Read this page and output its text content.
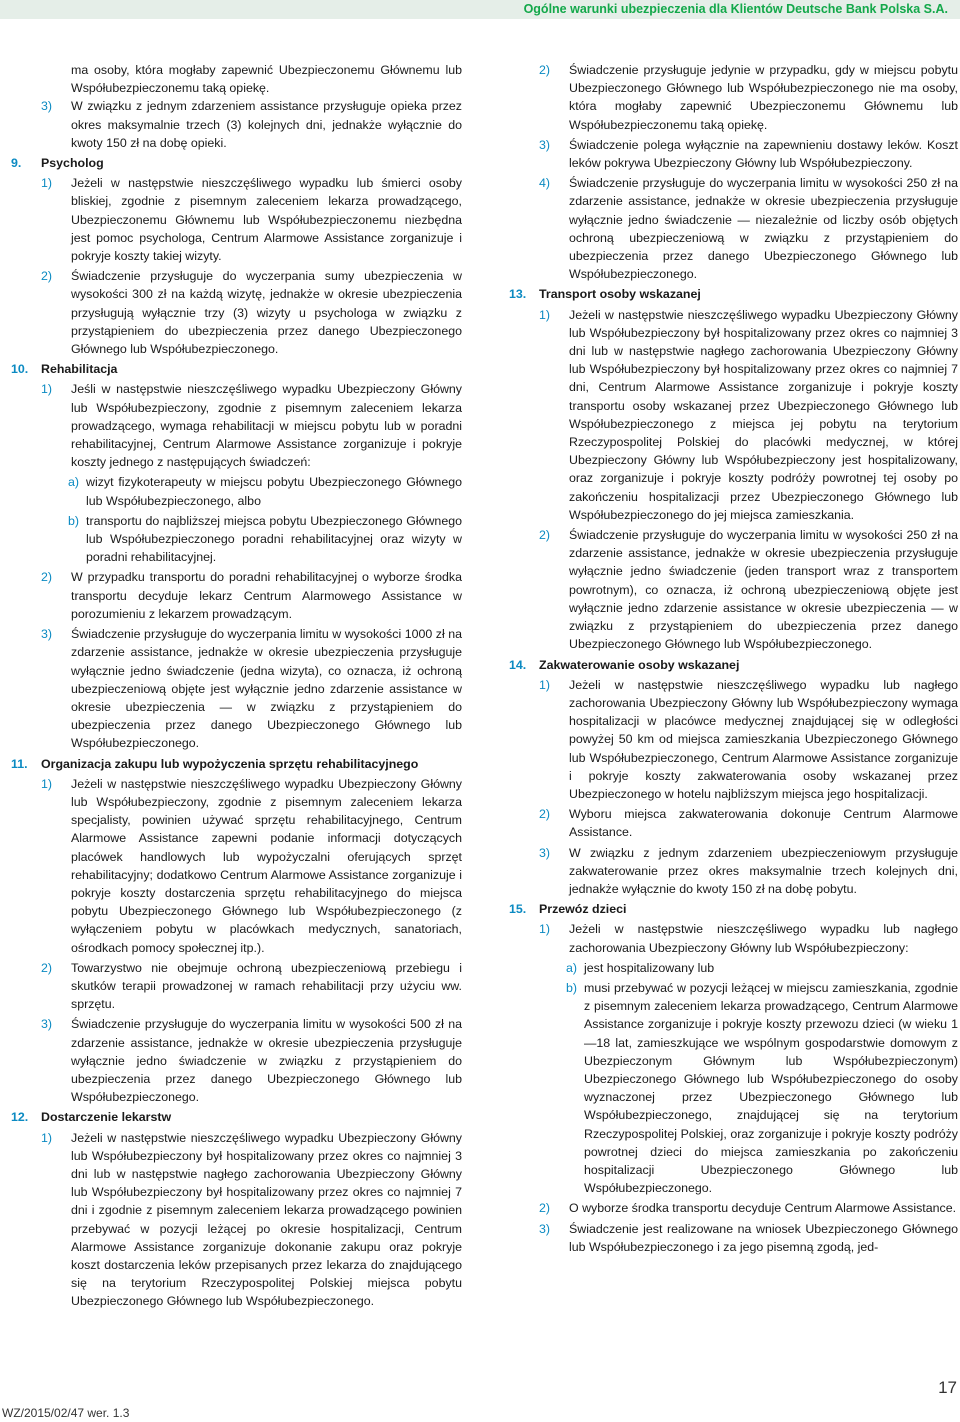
Ogólne warunki ubezpieczenia dla Klientów Deutsche Bank Polska S.A.

ma osoby, która mogłaby zapewnić Ubezpieczonemu Głównemu lub Współubezpieczonemu taką opiekę.

3) W związku z jednym zdarzeniem assistance przysługuje opieka przez okres maksymalnie trzech (3) kolejnych dni, jednakże wyłącznie do kwoty 150 zł na dobę opieki.
9. Psycholog
1) Jeżeli w następstwie nieszczęśliwego wypadku lub śmierci osoby bliskiej, zgodnie z pisemnym zaleceniem lekarza prowadzącego, Ubezpieczonemu Głównemu lub Współubezpieczonemu niezbędna jest pomoc psychologa, Centrum Alarmowe Assistance zorganizuje i pokryje koszty takiej wizyty.
2) Świadczenie przysługuje do wyczerpania sumy ubezpieczenia w wysokości 300 zł na każdą wizytę, jednakże w okresie ubezpieczenia przysługują wyłącznie trzy (3) wizyty u psychologa w związku z przystąpieniem do ubezpieczenia przez danego Ubezpieczonego Głównego lub Współubezpieczonego.
10. Rehabilitacja
1) Jeśli w następstwie nieszczęśliwego wypadku Ubezpieczony Główny lub Współubezpieczony, zgodnie z pisemnym zaleceniem lekarza prowadzącego, wymaga rehabilitacji w miejscu pobytu lub w poradni rehabilitacyjnej, Centrum Alarmowe Assistance zorganizuje i pokryje koszty jednego z następujących świadczeń:
a) wizyt fizykoterapeuty w miejscu pobytu Ubezpieczonego Głównego lub Współubezpieczonego, albo
b) transportu do najbliższej miejsca pobytu Ubezpieczonego Głównego lub Współubezpieczonego poradni rehabilitacyjnej oraz wizyty w poradni rehabilitacyjnej.
2) W przypadku transportu do poradni rehabilitacyjnej o wyborze środka transportu decyduje lekarz Centrum Alarmowego Assistance w porozumieniu z lekarzem prowadzącym.
3) Świadczenie przysługuje do wyczerpania limitu w wysokości 1000 zł na zdarzenie assistance, jednakże w okresie ubezpieczenia przysługuje wyłącznie jedno świadczenie (jedna wizyta), co oznacza, iż ochroną ubezpieczeniową objęte jest wyłącznie jedno zdarzenie assistance w okresie ubezpieczenia — w związku z przystąpieniem do ubezpieczenia przez danego Ubezpieczonego Głównego lub Współubezpieczonego.
11. Organizacja zakupu lub wypożyczenia sprzętu rehabilitacyjnego
1) Jeżeli w następstwie nieszczęśliwego wypadku Ubezpieczony Główny lub Współubezpieczony, zgodnie z pisemnym zaleceniem lekarza specjalisty, powinien używać sprzętu rehabilitacyjnego, Centrum Alarmowe Assistance zapewni podanie informacji dotyczących placówek handlowych lub wypożyczalni oferujących sprzęt rehabilitacyjny; dodatkowo Centrum Alarmowe Assistance zorganizuje i pokryje koszty dostarczenia sprzętu rehabilitacyjnego do miejsca pobytu Ubezpieczonego Głównego lub Współubezpieczonego (z wyłączeniem pobytu w placówkach medycznych, sanatoriach, ośrodkach pomocy społecznej itp.).
2) Towarzystwo nie obejmuje ochroną ubezpieczeniową przebiegu i skutków terapii prowadzonej w ramach rehabilitacji przy użyciu ww. sprzętu.
3) Świadczenie przysługuje do wyczerpania limitu w wysokości 500 zł na zdarzenie assistance, jednakże w okresie ubezpieczenia przysługuje wyłącznie jedno świadczenie w związku z przystąpieniem do ubezpieczenia przez danego Ubezpieczonego Głównego lub Współubezpieczonego.
12. Dostarczenie lekarstw
1) Jeżeli w następstwie nieszczęśliwego wypadku Ubezpieczony Główny lub Współubezpieczony był hospitalizowany przez okres co najmniej 3 dni lub w następstwie nagłego zachorowania Ubezpieczony Główny lub Współubezpieczony był hospitalizowany przez okres co najmniej 7 dni i zgodnie z pisemnym zaleceniem lekarza prowadzącego powinien przebywać w pozycji leżącej po okresie hospitalizacji, Centrum Alarmowe Assistance zorganizuje dokonanie zakupu oraz pokryje koszt dostarczenia leków przepisanych przez lekarza do znajdującego się na terytorium Rzeczypospolitej Polskiej miejsca pobytu Ubezpieczonego Głównego lub Współubezpieczonego.
2) Świadczenie przysługuje jedynie w przypadku, gdy w miejscu pobytu Ubezpieczonego Głównego lub Współubezpieczonego nie ma osoby, która mogłaby zapewnić Ubezpieczonemu Głównemu lub Współubezpieczonemu taką opiekę.
3) Świadczenie polega wyłącznie na zapewnieniu dostawy leków. Koszt leków pokrywa Ubezpieczony Główny lub Współubezpieczony.
4) Świadczenie przysługuje do wyczerpania limitu w wysokości 250 zł na zdarzenie assistance, jednakże w okresie ubezpieczenia przysługuje wyłącznie jedno świadczenie — niezależnie od liczby osób objętych ochroną ubezpieczeniową w związku z przystąpieniem do ubezpieczenia przez danego Ubezpieczonego Głównego lub Współubezpieczonego.
13. Transport osoby wskazanej
1) Jeżeli w następstwie nieszczęśliwego wypadku Ubezpieczony Główny lub Współubezpieczony był hospitalizowany przez okres co najmniej 3 dni lub w następstwie nagłego zachorowania Ubezpieczony Główny lub Współubezpieczony był hospitalizowany przez okres co najmniej 7 dni, Centrum Alarmowe Assistance zorganizuje i pokryje koszty transportu osoby wskazanej przez Ubezpieczonego Głównego lub Współubezpieczonego z miejsca jej pobytu na terytorium Rzeczypospolitej Polskiej do placówki medycznej, w której Ubezpieczony Główny lub Współubezpieczony jest hospitalizowany, oraz zorganizuje i pokryje koszty podróży powrotnej tej osoby po zakończeniu hospitalizacji przez Ubezpieczonego Głównego lub Współubezpieczonego do jej miejsca zamieszkania.
2) Świadczenie przysługuje do wyczerpania limitu w wysokości 250 zł na zdarzenie assistance, jednakże w okresie ubezpieczenia przysługuje wyłącznie jedno świadczenie (jeden transport wraz z transportem powrotnym), co oznacza, iż ochroną ubezpieczeniową objęte jest wyłącznie jedno zdarzenie assistance w okresie ubezpieczenia — w związku z przystąpieniem do ubezpieczenia przez danego Ubezpieczonego Głównego lub Współubezpieczonego.
14. Zakwaterowanie osoby wskazanej
1) Jeżeli w następstwie nieszczęśliwego wypadku lub nagłego zachorowania Ubezpieczony Główny lub Współubezpieczony wymaga hospitalizacji w placówce medycznej znajdującej się w odległości powyżej 50 km od miejsca zamieszkania Ubezpieczonego Głównego lub Współubezpieczonego, Centrum Alarmowe Assistance zorganizuje i pokryje koszty zakwaterowania osoby wskazanej przez Ubezpieczonego w hotelu najbliższym miejsca jego hospitalizacji.
2) Wyboru miejsca zakwaterowania dokonuje Centrum Alarmowe Assistance.
3) W związku z jednym zdarzeniem ubezpieczeniowym przysługuje zakwaterowanie przez okres maksymalnie trzech kolejnych dni, jednakże wyłącznie do kwoty 150 zł na dobę pobytu.
15. Przewóz dzieci
1) Jeżeli w następstwie nieszczęśliwego wypadku lub nagłego zachorowania Ubezpieczony Główny lub Współubezpieczony:
a) jest hospitalizowany lub
b) musi przebywać w pozycji leżącej w miejscu zamieszkania, zgodnie z pisemnym zaleceniem lekarza prowadzącego, Centrum Alarmowe Assistance zorganizuje i pokryje koszty przewozu dzieci (w wieku 1—18 lat, zamieszkujące we wspólnym gospodarstwie domowym z Ubezpieczonym Głównym lub Współubezpieczonym) Ubezpieczonego Głównego lub Współubezpieczonego do osoby wyznaczonej przez Ubezpieczonego Głównego lub Współubezpieczonego, znajdującej się na terytorium Rzeczypospolitej Polskiej, oraz zorganizuje i pokryje koszty podróży powrotnej dzieci do miejsca zamieszkania po zakończeniu hospitalizacji Ubezpieczonego Głównego lub Współubezpieczonego.
2) O wyborze środka transportu decyduje Centrum Alarmowe Assistance.
3) Świadczenie jest realizowane na wniosek Ubezpieczonego Głównego lub Współubezpieczonego i za jego pisemną zgodą, jed-
WZ/2015/02/47 wer. 1.3
17
